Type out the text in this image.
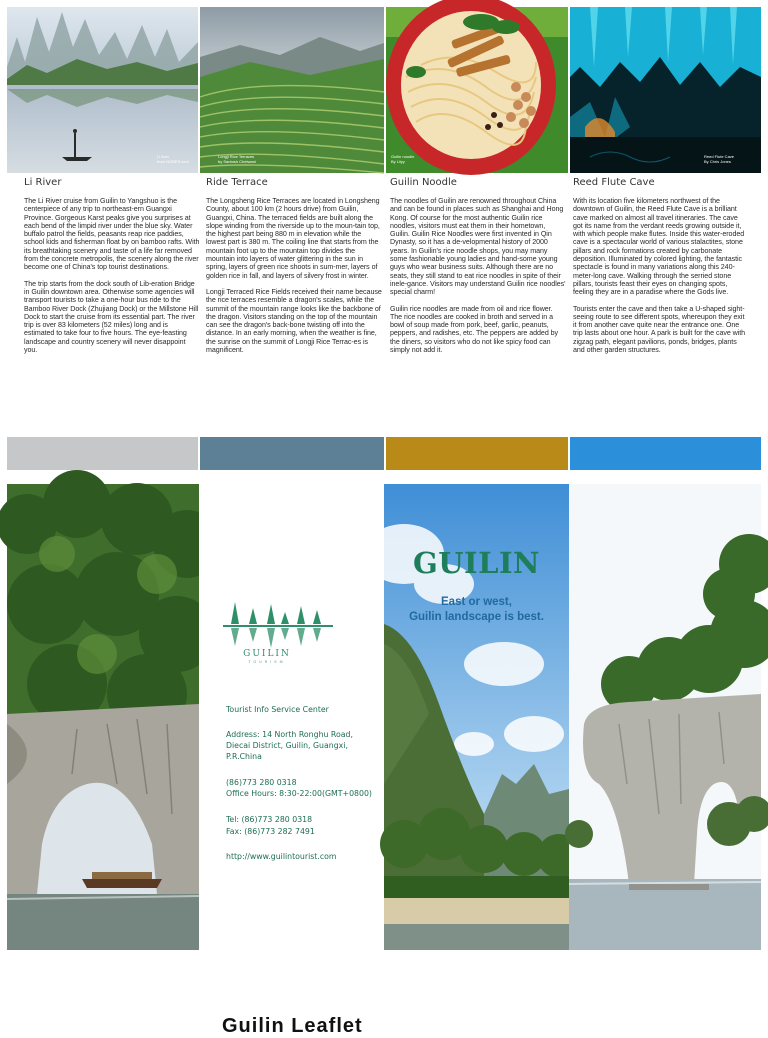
Li river
from NOBES.com
Longji Rice Terraces
by Santosh Chetwani
Guilin noodle
By Lilyy
Reed Flute Cave
By Chris Jones
Li River

The Li River cruise from Guilin to Yangshuo is the centerpiece of any trip to northeast-ern Guangxi Province. Gorgeous Karst peaks give you surprises at each bend of the limpid river under the blue sky. Water buffalo patrol the fields, peasants reap rice paddies, school kids and fisherman float by on bamboo rafts. With its breathtaking scenery and taste of a life far removed from the concrete metropolis, the scenery along the river become one of China's top tourist destinations.

The trip starts from the dock south of Lib-eration Bridge in Guilin downtown area. Otherwise some agencies will transport tourists to take a one-hour bus ride to the Bamboo River Dock (Zhujiang Dock) or the Millstone Hill Dock to start the cruise from its essential part. The river trip is over 83 kilometers (52 miles) long and is estimated to take four to five hours. The eye-feasting landscape and country scenery will never disappoint you.

Ride Terrace

The Longsheng Rice Terraces are located in Longsheng County, about 100 km (2 hours drive) from Guilin, Guangxi, China. The terraced fields are built along the slope winding from the riverside up to the moun-tain top, the highest part being 880 m in elevation while the lowest part is 380 m. The coiling line that starts from the mountain foot up to the mountain top divides the mountain into layers of water glittering in the sun in spring, layers of green rice shoots in sum-mer, layers of golden rice in fall, and layers of silvery frost in winter.

Longji Terraced Rice Fields received their name because the rice terraces resemble a dragon's scales, while the summit of the mountain range looks like the backbone of the dragon. Visitors standing on the top of the mountain can see the dragon's back-bone twisting off into the distance. In an early morning, when the weather is fine, the sunrise on the summit of Longji Rice Terrac-es is magnificent.

Guilin Noodle

The noodles of Guilin are renowned throughout China and can be found in places such as Shanghai and Hong Kong. Of course for the most authentic Guilin rice noodles, visitors must eat them in their hometown, Guilin. Guilin Rice Noodles were first invented in Qin Dynasty, so it has a de-velopmental history of 2000 years. In Guilin's rice noodle shops, you may many some fashionable young ladies and hand-some young guys who wear business suits. Although there are no seats, they still stand to eat rice noodles in spite of their inele-gance. Visitors may understand Guilin rice noodles' special charm!

Guilin rice noodles are made from oil and rice flower. The rice noodles are cooked in broth and served in a bowl of soup made from pork, beef, garlic, peanuts, peppers, and radishes, etc. The peppers are added by the diners, so visitors who do not like spicy food can simply not add it.

Reed Flute Cave

With its location five kilometers northwest of the downtown of Guilin, the Reed Flute Cave is a brilliant cave marked on almost all travel itineraries. The cave got its name from the verdant reeds growing outside it, with which people make flutes. Inside this water-eroded cave is a spectacular world of various stalactites, stone pillars and rock formations created by carbonate deposition. Illuminated by colored lighting, the fantastic spectacle is found in many variations along this 240-meter-long cave. Walking through the serried stone pillars, tourists feast their eyes on changing spots, feeling they are in a paradise where the Gods live.

Tourists enter the cave and then take a U-shaped sight-seeing route to see different spots, whereupon they exit it from another cave quite near the entrance one. One trip lasts about one hour. A park is built for the cave with zigzag path, elegant pavilions, ponds, bridges, plants and other garden structures.

GUILIN
TOURISM
Tourist Info Service Center
Address: 14 North Ronghu Road, Diecai District, Guilin, Guangxi, P.R.China
(86)773 280 0318
Office Hours: 8:30-22:00(GMT+0800)
Tel: (86)773 280 0318
Fax: (86)773 282 7491
http://www.guilintourist.com
GUILIN
East or west,
Guilin landscape is best.
Guilin Leaflet
